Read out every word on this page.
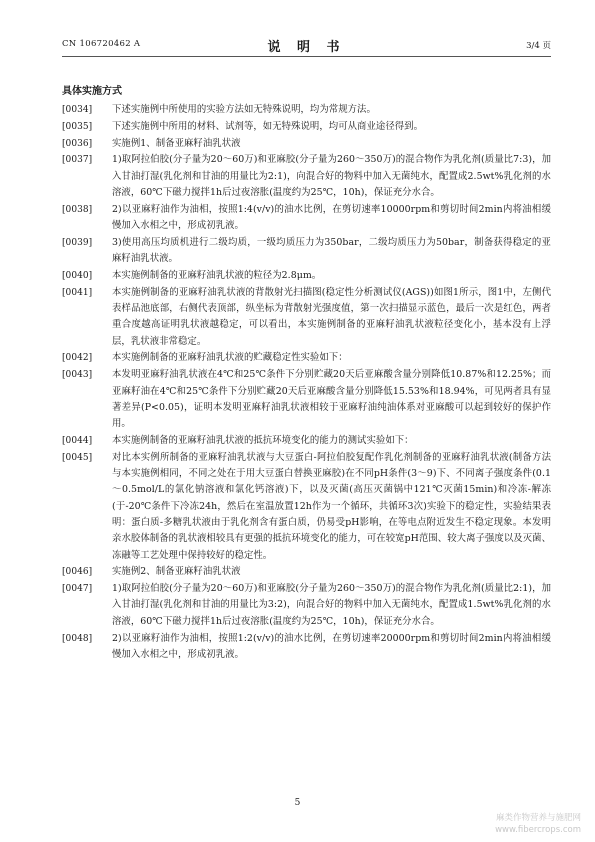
CN 106720462 A	说 明 书	3/4 页
具体实施方式
[0034] 下述实施例中所使用的实验方法如无特殊说明，均为常规方法。
[0035] 下述实施例中所用的材料、试剂等，如无特殊说明，均可从商业途径得到。
[0036] 实施例1、制备亚麻籽油乳状液
[0037] 1)取阿拉伯胶(分子量为20～60万)和亚麻胶(分子量为260～350万)的混合物作为乳化剂(质量比7:3)，加入甘油打湿(乳化剂和甘油的用量比为2:1)，向混合好的物料中加入无菌纯水，配置成2.5wt%乳化剂的水溶液，60℃下磁力搅拌1h后过夜溶胀(温度约为25℃，10h)，保证充分水合。
[0038] 2)以亚麻籽油作为油相，按照1:4(v/v)的油水比例，在剪切速率10000rpm和剪切时间2min内将油相缓慢加入水相之中，形成初乳液。
[0039] 3)使用高压均质机进行二级均质，一级均质压力为350bar，二级均质压力为50bar，制备获得稳定的亚麻籽油乳状液。
[0040] 本实施例制备的亚麻籽油乳状液的粒径为2.8μm。
[0041] 本实施例制备的亚麻籽油乳状液的背散射光扫描图(稳定性分析测试仪(AGS))如图1所示，图1中，左侧代表样品池底部，右侧代表顶部，纵坐标为背散射光强度值，第一次扫描显示蓝色，最后一次是红色，两者重合度越高证明乳状液越稳定，可以看出，本实施例制备的亚麻籽油乳状液粒径变化小，基本没有上浮层，乳状液非常稳定。
[0042] 本实施例制备的亚麻籽油乳状液的贮藏稳定性实验如下：
[0043] 本发明亚麻籽油乳状液在4℃和25℃条件下分别贮藏20天后亚麻酸含量分别降低10.87%和12.25%；而亚麻籽油在4℃和25℃条件下分别贮藏20天后亚麻酸含量分别降低15.53%和18.94%，可见两者具有显著差异(P<0.05)，证明本发明亚麻籽油乳状液相较于亚麻籽油纯油体系对亚麻酸可以起到较好的保护作用。
[0044] 本实施例制备的亚麻籽油乳状液的抵抗环境变化的能力的测试实验如下：
[0045] 对比本实例所制备的亚麻籽油乳状液与大豆蛋白-阿拉伯胶复配作乳化剂制备的亚麻籽油乳状液(制备方法与本实施例相同，不同之处在于用大豆蛋白替换亚麻胶)在不同pH条件(3～9)下、不同离子强度条件(0.1～0.5mol/L的氯化钠溶液和氯化钙溶液)下，以及灭菌(高压灭菌锅中121℃灭菌15min)和冷冻-解冻(于-20℃条件下冷冻24h，然后在室温放置12h作为一个循环，共循环3次)实验下的稳定性，实验结果表明：蛋白质-多糖乳状液由于乳化剂含有蛋白质，仍易受pH影响，在等电点附近发生不稳定现象。本发明亲水胶体制备的乳状液相较具有更强的抵抗环境变化的能力，可在较宽pH范围、较大离子强度以及灭菌、冻融等工艺处理中保持较好的稳定性。
[0046] 实施例2、制备亚麻籽油乳状液
[0047] 1)取阿拉伯胶(分子量为20～60万)和亚麻胶(分子量为260～350万)的混合物作为乳化剂(质量比2:1)，加入甘油打湿(乳化剂和甘油的用量比为3:2)，向混合好的物料中加入无菌纯水，配置成1.5wt%乳化剂的水溶液，60℃下磁力搅拌1h后过夜溶胀(温度约为25℃，10h)，保证充分水合。
[0048] 2)以亚麻籽油作为油相，按照1:2(v/v)的油水比例，在剪切速率20000rpm和剪切时间2min内将油相缓慢加入水相之中，形成初乳液。
5
麻类作物营养与施肥网
www.fibercrops.com
